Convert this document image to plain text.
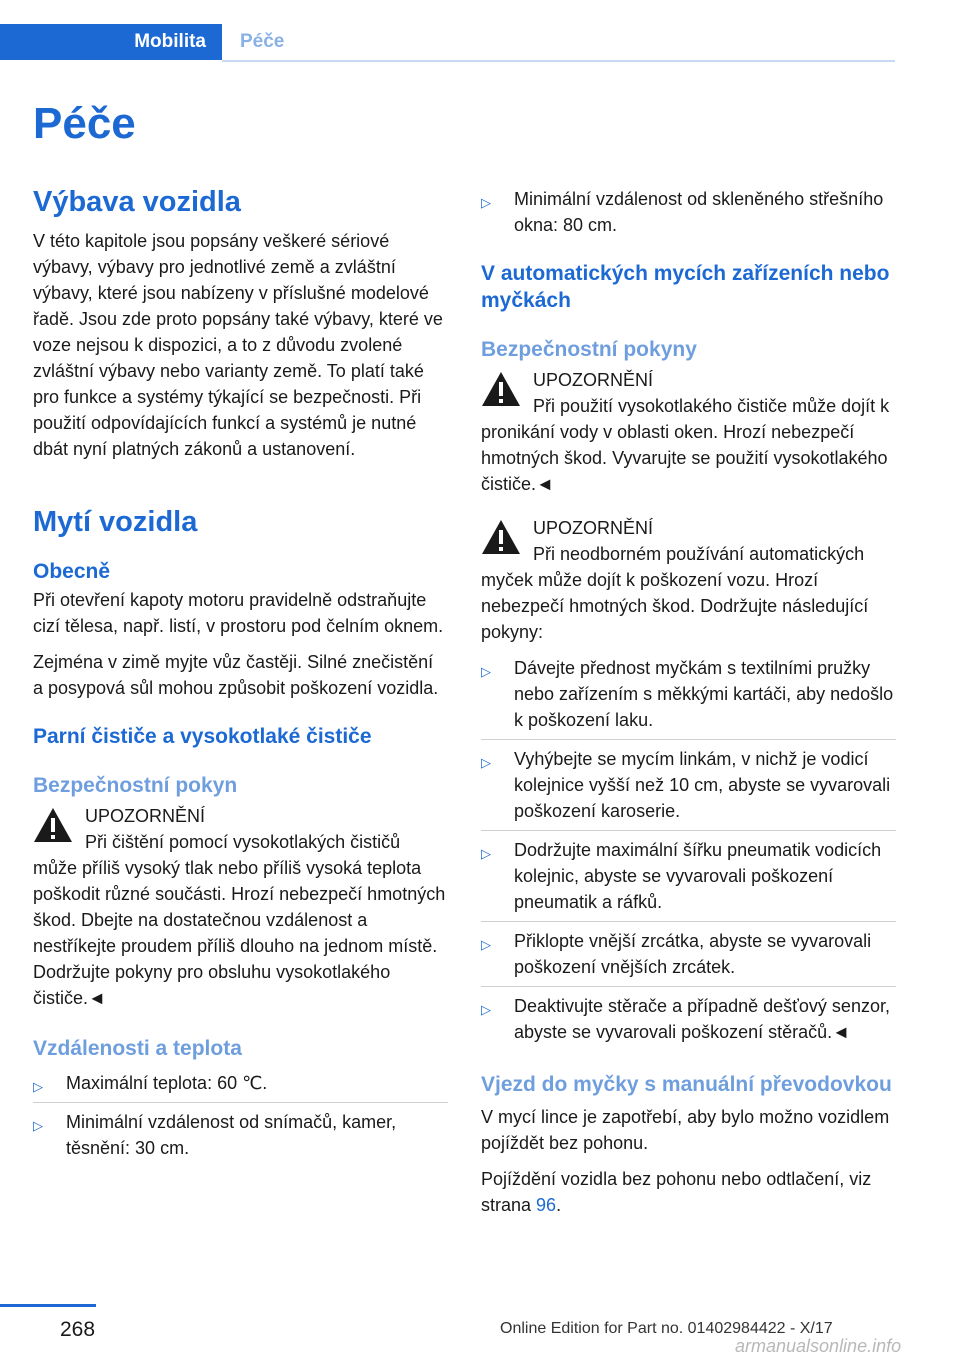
Mobilita	Péče
Péče
Výbava vozidla

V této kapitole jsou popsány veškeré sériové výbavy, výbavy pro jednotlivé země a zvláštní výbavy, které jsou nabízeny v příslušné modelové řadě. Jsou zde proto popsány také výbavy, které ve voze nejsou k dispozici, a to z důvodu zvolené zvláštní výbavy nebo varianty země. To platí také pro funkce a systémy týkající se bezpečnosti. Při použití odpovídajících funkcí a systémů je nutné dbát nyní platných zákonů a ustanovení.

Mytí vozidla
Obecně

Při otevření kapoty motoru pravidelně odstraňujte cizí tělesa, např. listí, v prostoru pod čelním oknem.

Zejména v zimě myjte vůz častěji. Silné znečistění a posypová sůl mohou způsobit poškození vozidla.

Parní čističe a vysokotlaké čističe
Bezpečnostní pokyn
UPOZORNĚNÍ

Při čištění pomocí vysokotlakých čističů může příliš vysoký tlak nebo příliš vysoká teplota poškodit různé součásti. Hrozí nebezpečí hmotných škod. Dbejte na dostatečnou vzdálenost a nestříkejte proudem příliš dlouho na jednom místě. Dodržujte pokyny pro obsluhu vysokotlakého čističe.◄

Vzdálenosti a teplota
▷ Maximální teplota: 60 ℃.
▷ Minimální vzdálenost od snímačů, kamer, těsnění: 30 cm.
▷ Minimální vzdálenost od skleněného střešního okna: 80 cm.
V automatických mycích zařízeních nebo myčkách
Bezpečnostní pokyny
UPOZORNĚNÍ

Při použití vysokotlakého čističe může dojít k pronikání vody v oblasti oken. Hrozí nebezpečí hmotných škod. Vyvarujte se použití vysokotlakého čističe.◄

UPOZORNĚNÍ

Při neodborném používání automatických myček může dojít k poškození vozu. Hrozí nebezpečí hmotných škod. Dodržujte následující pokyny:

▷ Dávejte přednost myčkám s textilními pružky nebo zařízením s měkkými kartáči, aby nedošlo k poškození laku.
▷ Vyhýbejte se mycím linkám, v nichž je vodicí kolejnice vyšší než 10 cm, abyste se vyvarovali poškození karoserie.
▷ Dodržujte maximální šířku pneumatik vodicích kolejnic, abyste se vyvarovali poškození pneumatik a ráfků.
▷ Přiklopte vnější zrcátka, abyste se vyvarovali poškození vnějších zrcátek.
▷ Deaktivujte stěrače a případně dešťový senzor, abyste se vyvarovali poškození stěračů.◄
Vjezd do myčky s manuální převodovkou

V mycí lince je zapotřebí, aby bylo možno vozidlem pojíždět bez pohonu.

Pojíždění vozidla bez pohonu nebo odtlačení, viz strana 96.

268	Online Edition for Part no. 01402984422 - X/17
armanualsonline.info
